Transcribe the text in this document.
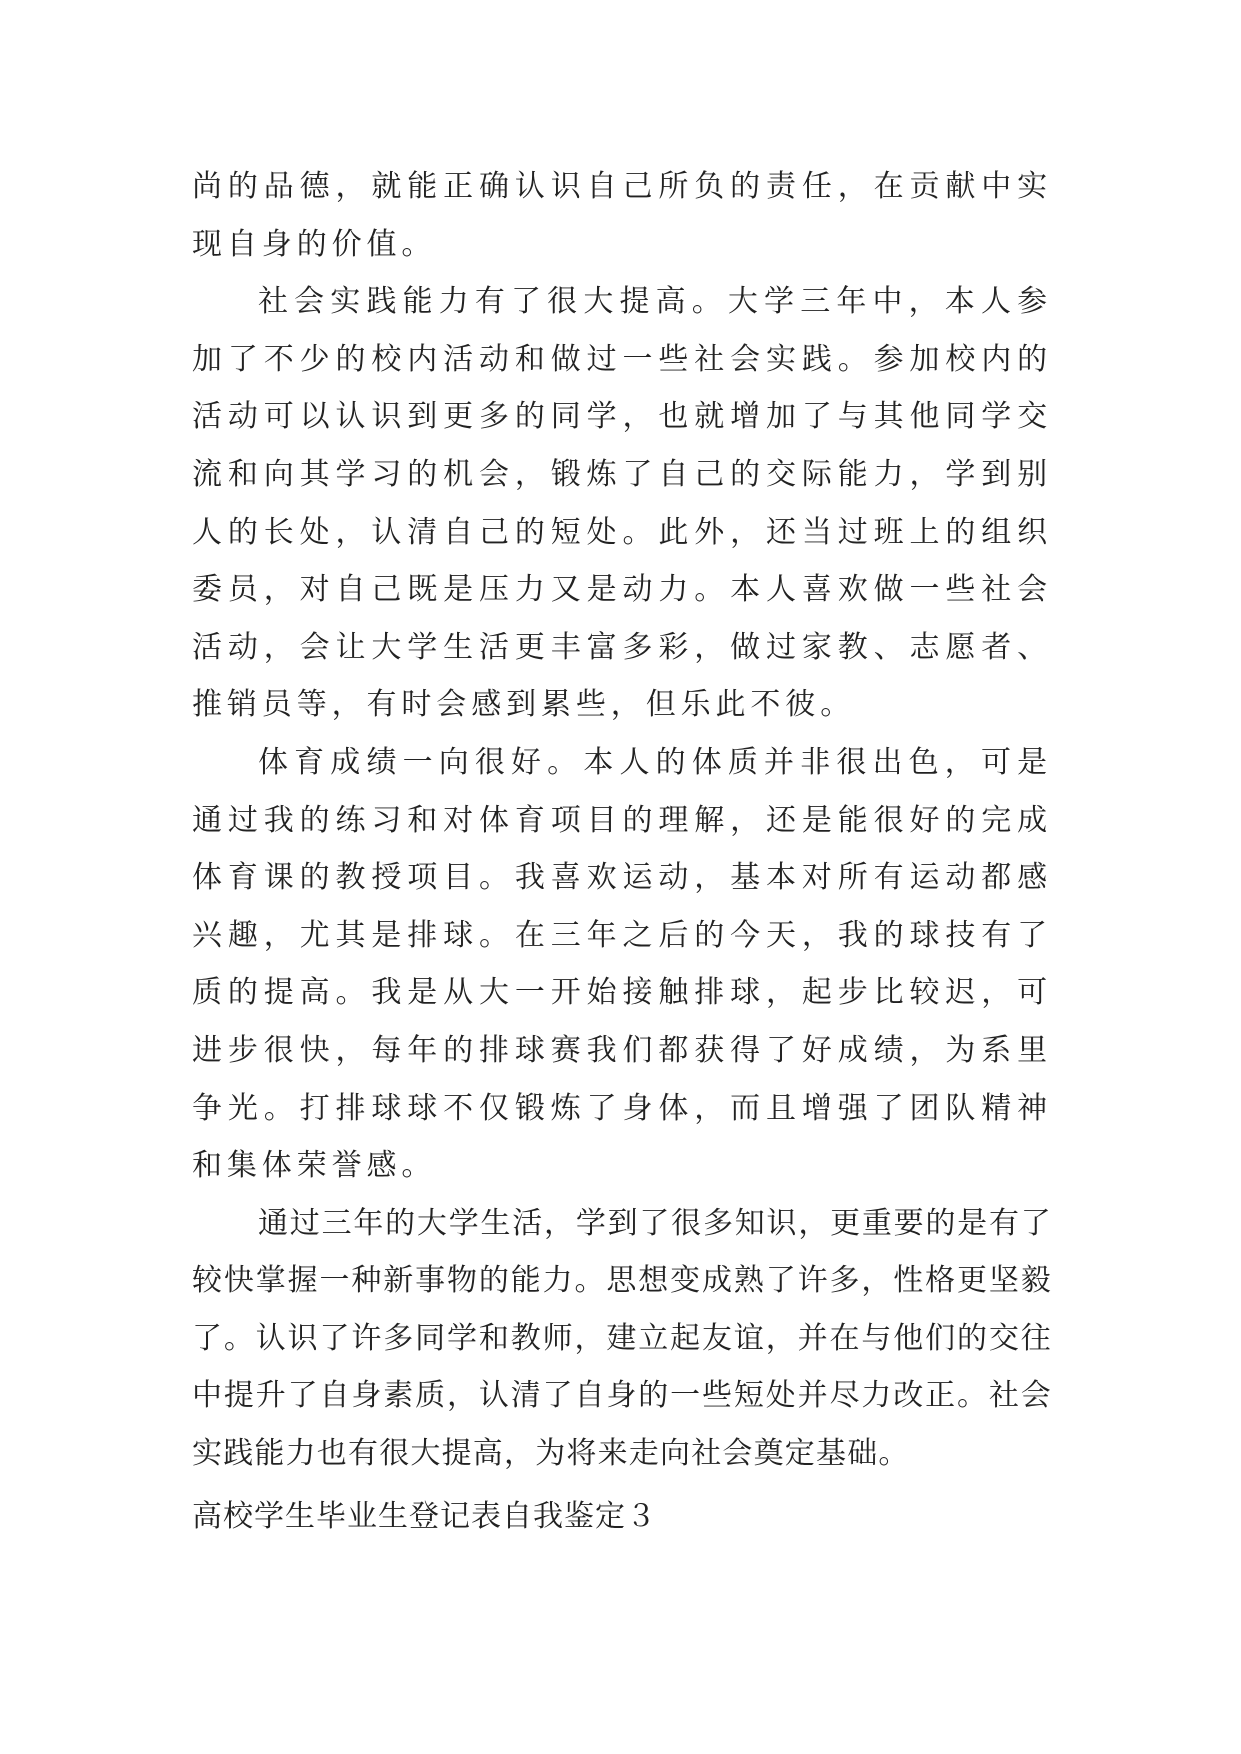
尚的品德，就能正确认识自己所负的责任，在贡献中实现自身的价值。

社会实践能力有了很大提高。大学三年中，本人参加了不少的校内活动和做过一些社会实践。参加校内的活动可以认识到更多的同学，也就增加了与其他同学交流和向其学习的机会，锻炼了自己的交际能力，学到别人的长处，认清自己的短处。此外，还当过班上的组织委员，对自己既是压力又是动力。本人喜欢做一些社会活动，会让大学生活更丰富多彩，做过家教、志愿者、推销员等，有时会感到累些，但乐此不彼。

体育成绩一向很好。本人的体质并非很出色，可是通过我的练习和对体育项目的理解，还是能很好的完成体育课的教授项目。我喜欢运动，基本对所有运动都感兴趣，尤其是排球。在三年之后的今天，我的球技有了质的提高。我是从大一开始接触排球，起步比较迟，可进步很快，每年的排球赛我们都获得了好成绩，为系里争光。打排球球不仅锻炼了身体，而且增强了团队精神和集体荣誉感。

通过三年的大学生活，学到了很多知识，更重要的是有了较快掌握一种新事物的能力。思想变成熟了许多，性格更坚毅了。认识了许多同学和教师，建立起友谊，并在与他们的交往中提升了自身素质，认清了自身的一些短处并尽力改正。社会实践能力也有很大提高，为将来走向社会奠定基础。

高校学生毕业生登记表自我鉴定３
